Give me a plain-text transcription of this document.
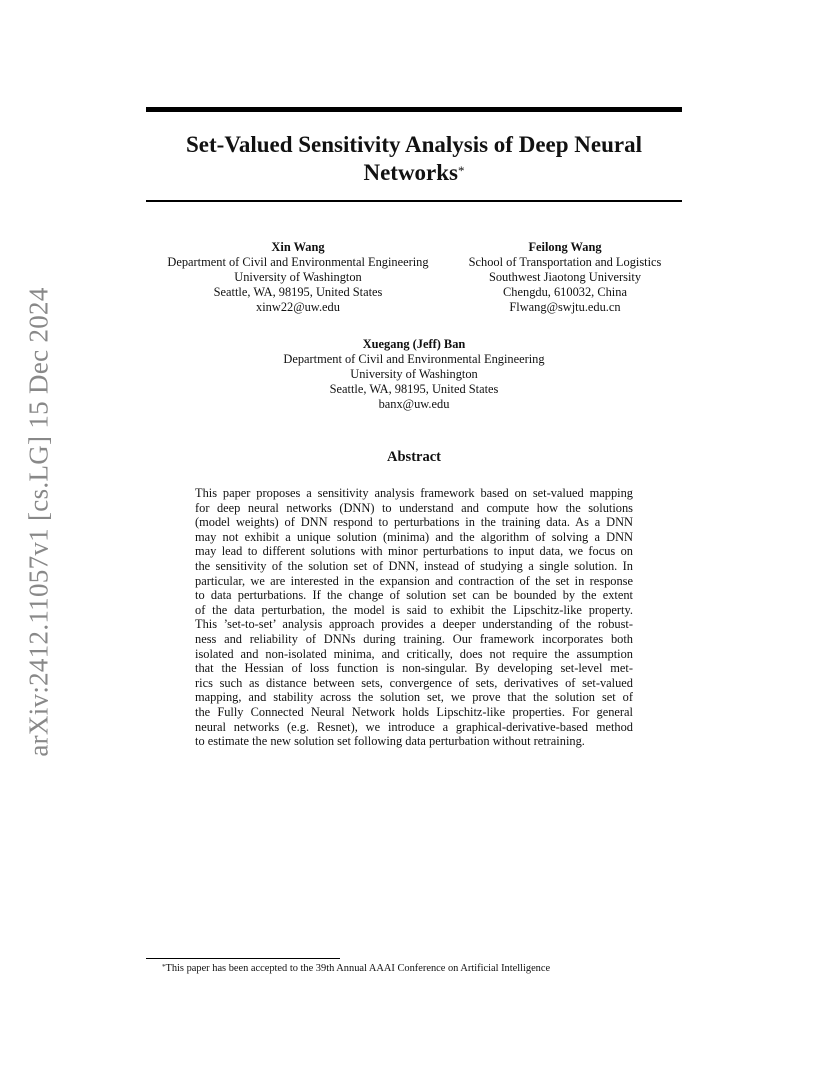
arXiv:2412.11057v1 [cs.LG] 15 Dec 2024
Set-Valued Sensitivity Analysis of Deep Neural
Networks*
Xin Wang
Department of Civil and Environmental Engineering
University of Washington
Seattle, WA, 98195, United States
xinw22@uw.edu
Feilong Wang
School of Transportation and Logistics
Southwest Jiaotong University
Chengdu, 610032, China
Flwang@swjtu.edu.cn
Xuegang (Jeff) Ban
Department of Civil and Environmental Engineering
University of Washington
Seattle, WA, 98195, United States
banx@uw.edu
Abstract
This paper proposes a sensitivity analysis framework based on set-valued mapping
for deep neural networks (DNN) to understand and compute how the solutions
(model weights) of DNN respond to perturbations in the training data. As a DNN
may not exhibit a unique solution (minima) and the algorithm of solving a DNN
may lead to different solutions with minor perturbations to input data, we focus on
the sensitivity of the solution set of DNN, instead of studying a single solution. In
particular, we are interested in the expansion and contraction of the set in response
to data perturbations. If the change of solution set can be bounded by the extent
of the data perturbation, the model is said to exhibit the Lipschitz-like property.
This ’set-to-set’ analysis approach provides a deeper understanding of the robust-
ness and reliability of DNNs during training. Our framework incorporates both
isolated and non-isolated minima, and critically, does not require the assumption
that the Hessian of loss function is non-singular. By developing set-level met-
rics such as distance between sets, convergence of sets, derivatives of set-valued
mapping, and stability across the solution set, we prove that the solution set of
the Fully Connected Neural Network holds Lipschitz-like properties. For general
neural networks (e.g. Resnet), we introduce a graphical-derivative-based method
to estimate the new solution set following data perturbation without retraining.
*This paper has been accepted to the 39th Annual AAAI Conference on Artificial Intelligence
